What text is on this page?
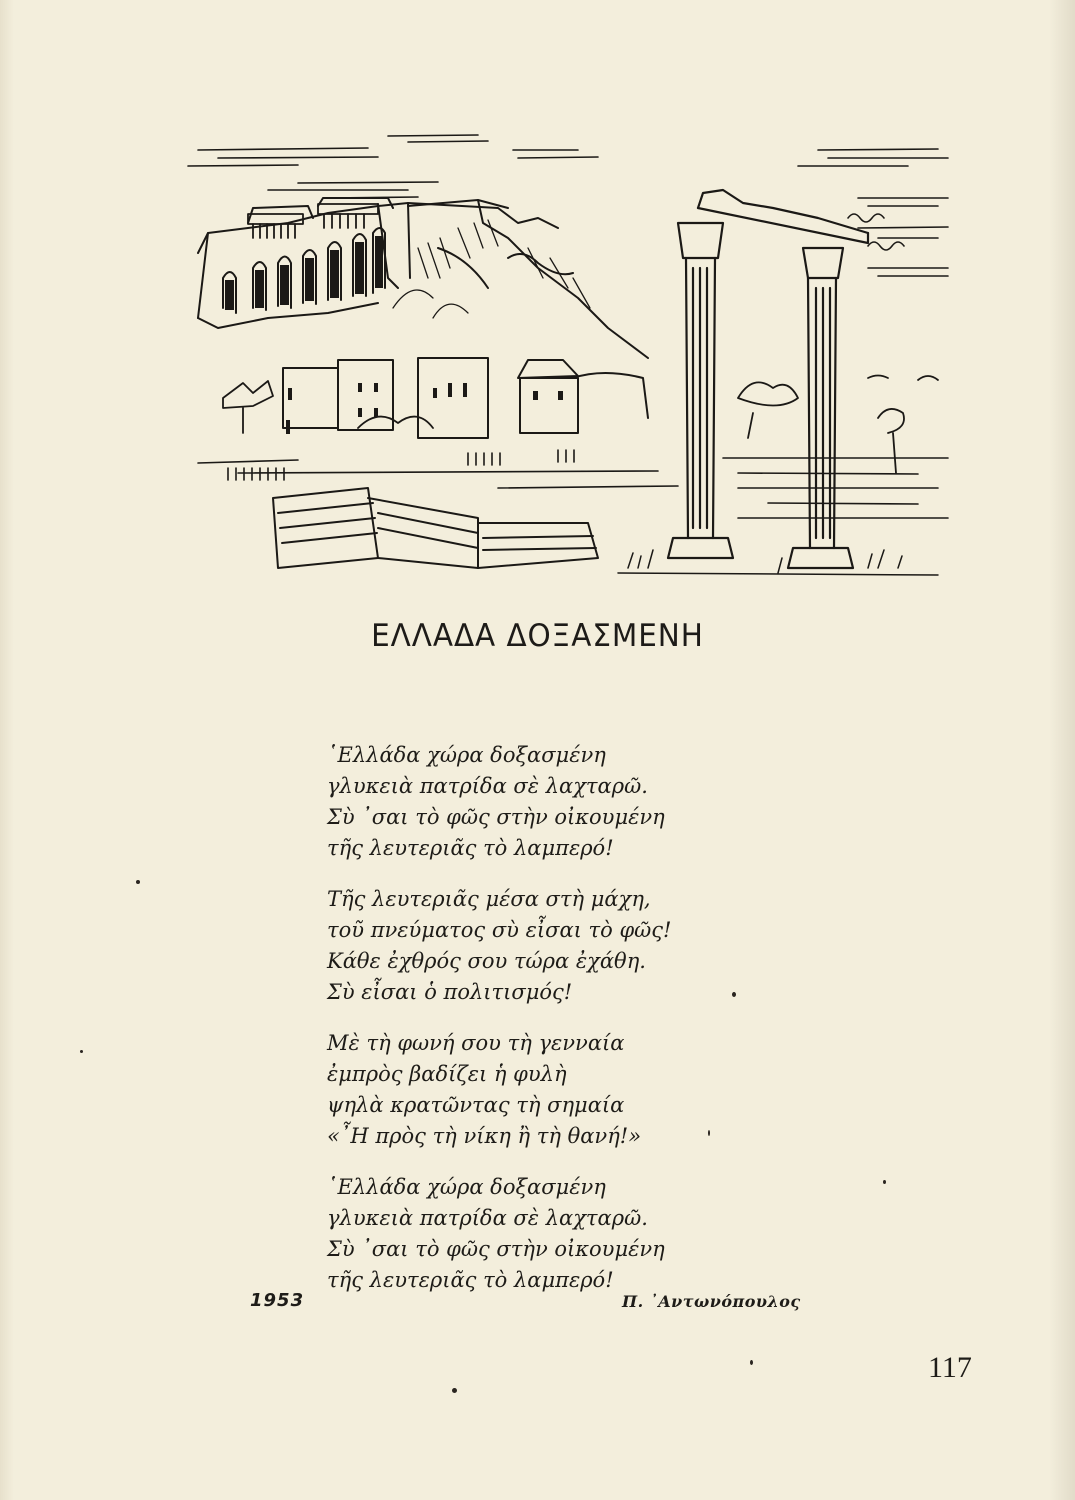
ΕΛΛΑΔΑ ΔΟΞΑΣΜΕΝΗ
῾Ελλάδα χώρα δοξασμένη
γλυκειὰ πατρίδα σὲ λαχταρῶ.
Σὺ ᾿σαι τὸ φῶς στὴν οἰκουμένη
τῆς λευτεριᾶς τὸ λαμπερό!
Τῆς λευτεριᾶς μέσα στὴ μάχη,
τοῦ πνεύματος σὺ εἶσαι τὸ φῶς!
Κάθε ἐχθρός σου τώρα ἐχάθη.
Σὺ εἶσαι ὁ πολιτισμός!
Μὲ τὴ φωνή σου τὴ γενναία
ἐμπρὸς βαδίζει ἡ φυλὴ
ψηλὰ κρατῶντας τὴ σημαία
«῏Η πρὸς τὴ νίκη ἢ τὴ θανή!»
῾Ελλάδα χώρα δοξασμένη
γλυκειὰ πατρίδα σὲ λαχταρῶ.
Σὺ ᾿σαι τὸ φῶς στὴν οἰκουμένη
τῆς λευτεριᾶς τὸ λαμπερό!
1953	Π. ᾿Αντωνόπουλος
117
